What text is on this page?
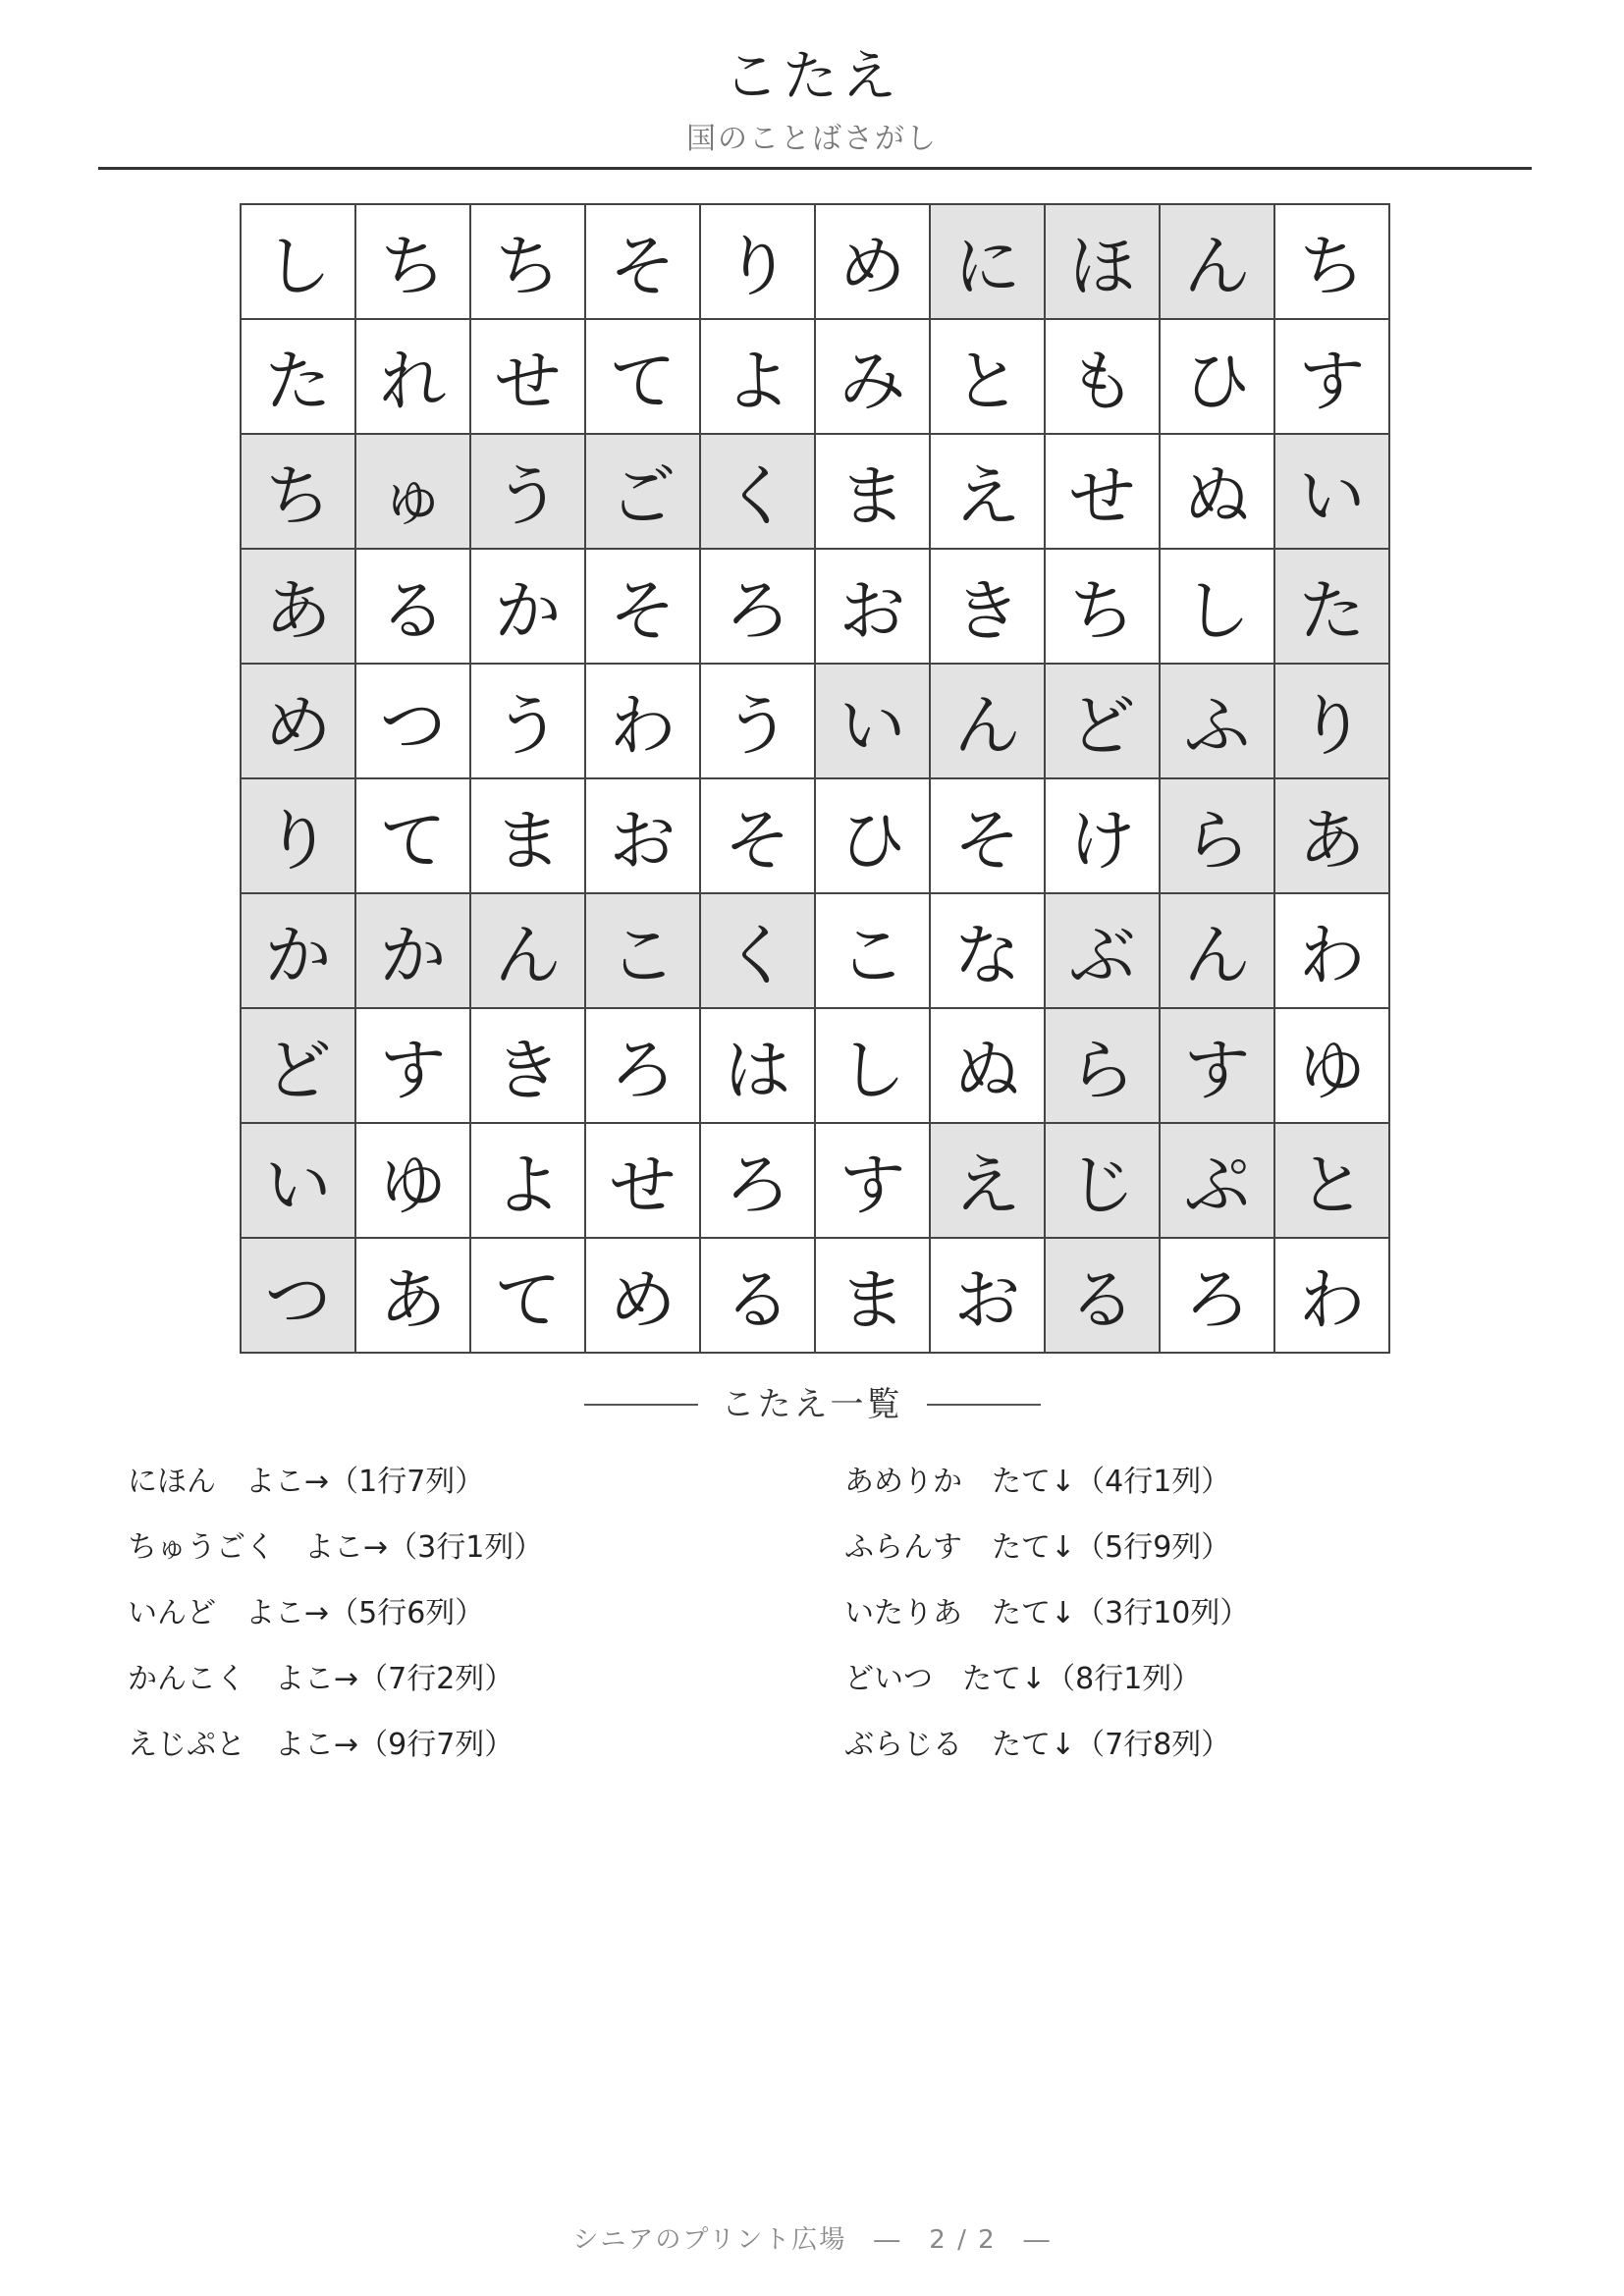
こたえ
国のことばさがし
し ち ち そ り め に ほ ん ち
た れ せ て よ み と も ひ す
ち ゅ う ご く ま え せ ぬ い
あ る か そ ろ お き ち し た
め つ う わ う い ん ど ふ り
り て ま お そ ひ そ け ら あ
か か ん こ く こ な ぶ ん わ
ど す き ろ は し ぬ ら す ゆ
い ゆ よ せ ろ す え じ ぷ と
つ あ て め る ま お る ろ わ
こたえ一覧
にほん　よこ→（1行7列）
ちゅうごく　よこ→（3行1列）
いんど　よこ→（5行6列）
かんこく　よこ→（7行2列）
えじぷと　よこ→（9行7列）
あめりか　たて↓（4行1列）
ふらんす　たて↓（5行9列）
いたりあ　たて↓（3行10列）
どいつ　たて↓（8行1列）
ぶらじる　たて↓（7行8列）
シニアのプリント広場　―　2 / 2　―
